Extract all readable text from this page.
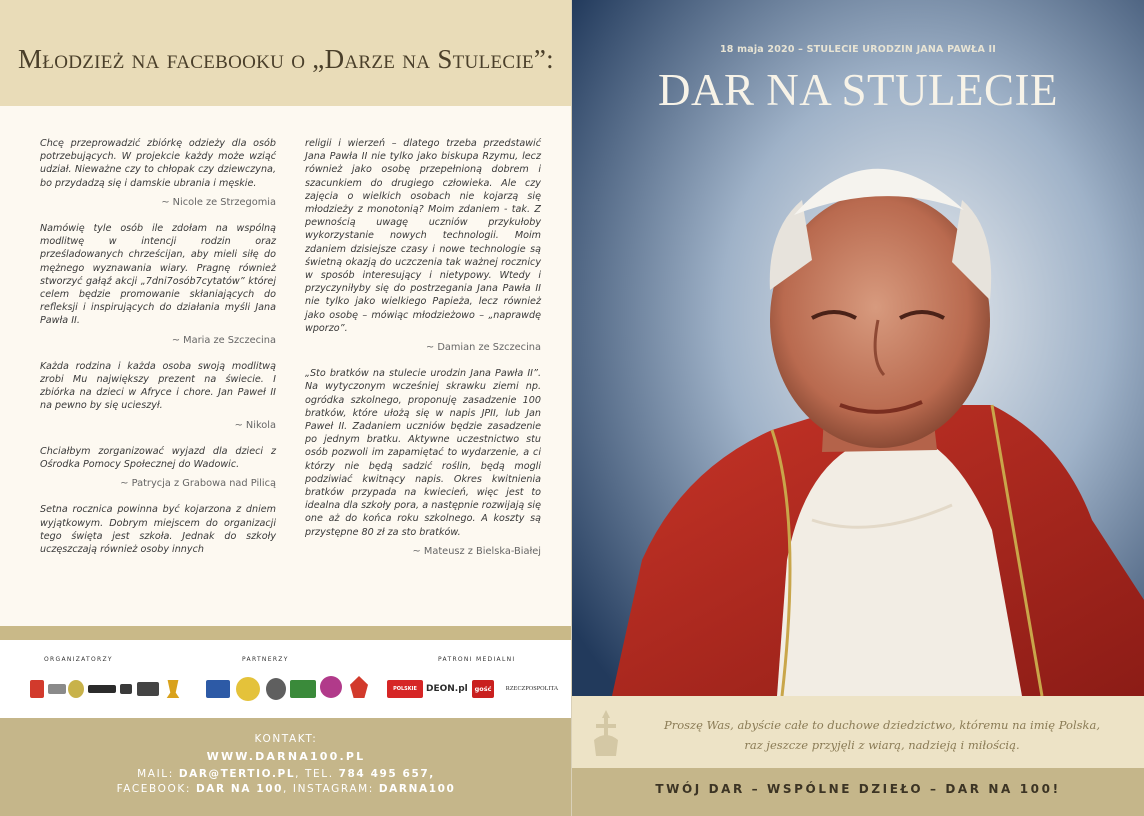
Młodzież na facebooku o „Darze na Stulecie”:

Chcę przeprowadzić zbiórkę odzieży dla osób potrzebujących. W projekcie każdy może wziąć udział. Nieważne czy to chłopak czy dziewczyna, bo przydadzą się i damskie ubrania i męskie.

~ Nicole ze Strzegomia

Namówię tyle osób ile zdołam na wspólną modlitwę w intencji rodzin oraz prześladowanych chrześcijan, aby mieli siłę do mężnego wyznawania wiary. Pragnę również stworzyć gałąź akcji „7dni7osób7cytatów” której celem będzie promowanie skłaniających do refleksji i inspirujących do działania myśli Jana Pawła II.

~ Maria ze Szczecina

Każda rodzina i każda osoba swoją modlitwą zrobi Mu największy prezent na świecie. I zbiórka na dzieci w Afryce i chore. Jan Paweł II na pewno by się ucieszył.

~ Nikola

Chciałbym zorganizować wyjazd dla dzieci z Ośrodka Pomocy Społecznej do Wadowic.

~ Patrycja z Grabowa nad Pilicą

Setna rocznica powinna być kojarzona z dniem wyjątkowym. Dobrym miejscem do organizacji tego święta jest szkoła. Jednak do szkoły uczęszczają również osoby innych

religii i wierzeń – dlatego trzeba przedstawić Jana Pawła II nie tylko jako biskupa Rzymu, lecz również jako osobę przepełnioną dobrem i szacunkiem do drugiego człowieka. Ale czy zajęcia o wielkich osobach nie kojarzą się młodzieży z monotonią? Moim zdaniem - tak. Z pewnością uwagę uczniów przykułoby wykorzystanie nowych technologii. Moim zdaniem dzisiejsze czasy i nowe technologie są świetną okazją do uczczenia tak ważnej rocznicy w sposób interesujący i nietypowy. Wtedy i przyczyniłyby się do postrzegania Jana Pawła II nie tylko jako wielkiego Papieża, lecz również jako osobę – mówiąc młodzieżowo – „naprawdę wporzo”.

~ Damian ze Szczecina

„Sto bratków na stulecie urodzin Jana Pawła II”. Na wytyczonym wcześniej skrawku ziemi np. ogródka szkolnego, proponuję zasadzenie 100 bratków, które ułożą się w napis JPII, lub Jan Paweł II. Zadaniem uczniów będzie zasadzenie po jednym bratku. Aktywne uczestnictwo stu osób pozwoli im zapamiętać to wydarzenie, a ci którzy nie będą sadzić roślin, będą mogli podziwiać kwitnący napis. Okres kwitnienia bratków przypada na kwiecień, więc jest to idealna dla szkoły pora, a następnie rozwijają się one aż do końca roku szkolnego. A koszty są przystępne 80 zł za sto bratków.

~ Mateusz z Bielska-Białej

ORGANIZATORZY	PARTNERZY	PATRONI MEDIALNI
POLSKIE RADIO
DEON.pl	gość	RZECZPOSPOLITA
KONTAKT:
WWW.DARNA100.PL
MAIL: DAR@TERTIO.PL, TEL. 784 495 657,
FACEBOOK: DAR NA 100, INSTAGRAM: DARNA100
18 maja 2020 – STULECIE URODZIN JANA PAWŁA II
DAR NA STULECIE
Proszę Was, abyście całe to duchowe dziedzictwo, któremu na imię Polska,
raz jeszcze przyjęli z wiarą, nadzieją i miłością.
TWÓJ DAR – WSPÓLNE DZIEŁO – DAR NA 100!
